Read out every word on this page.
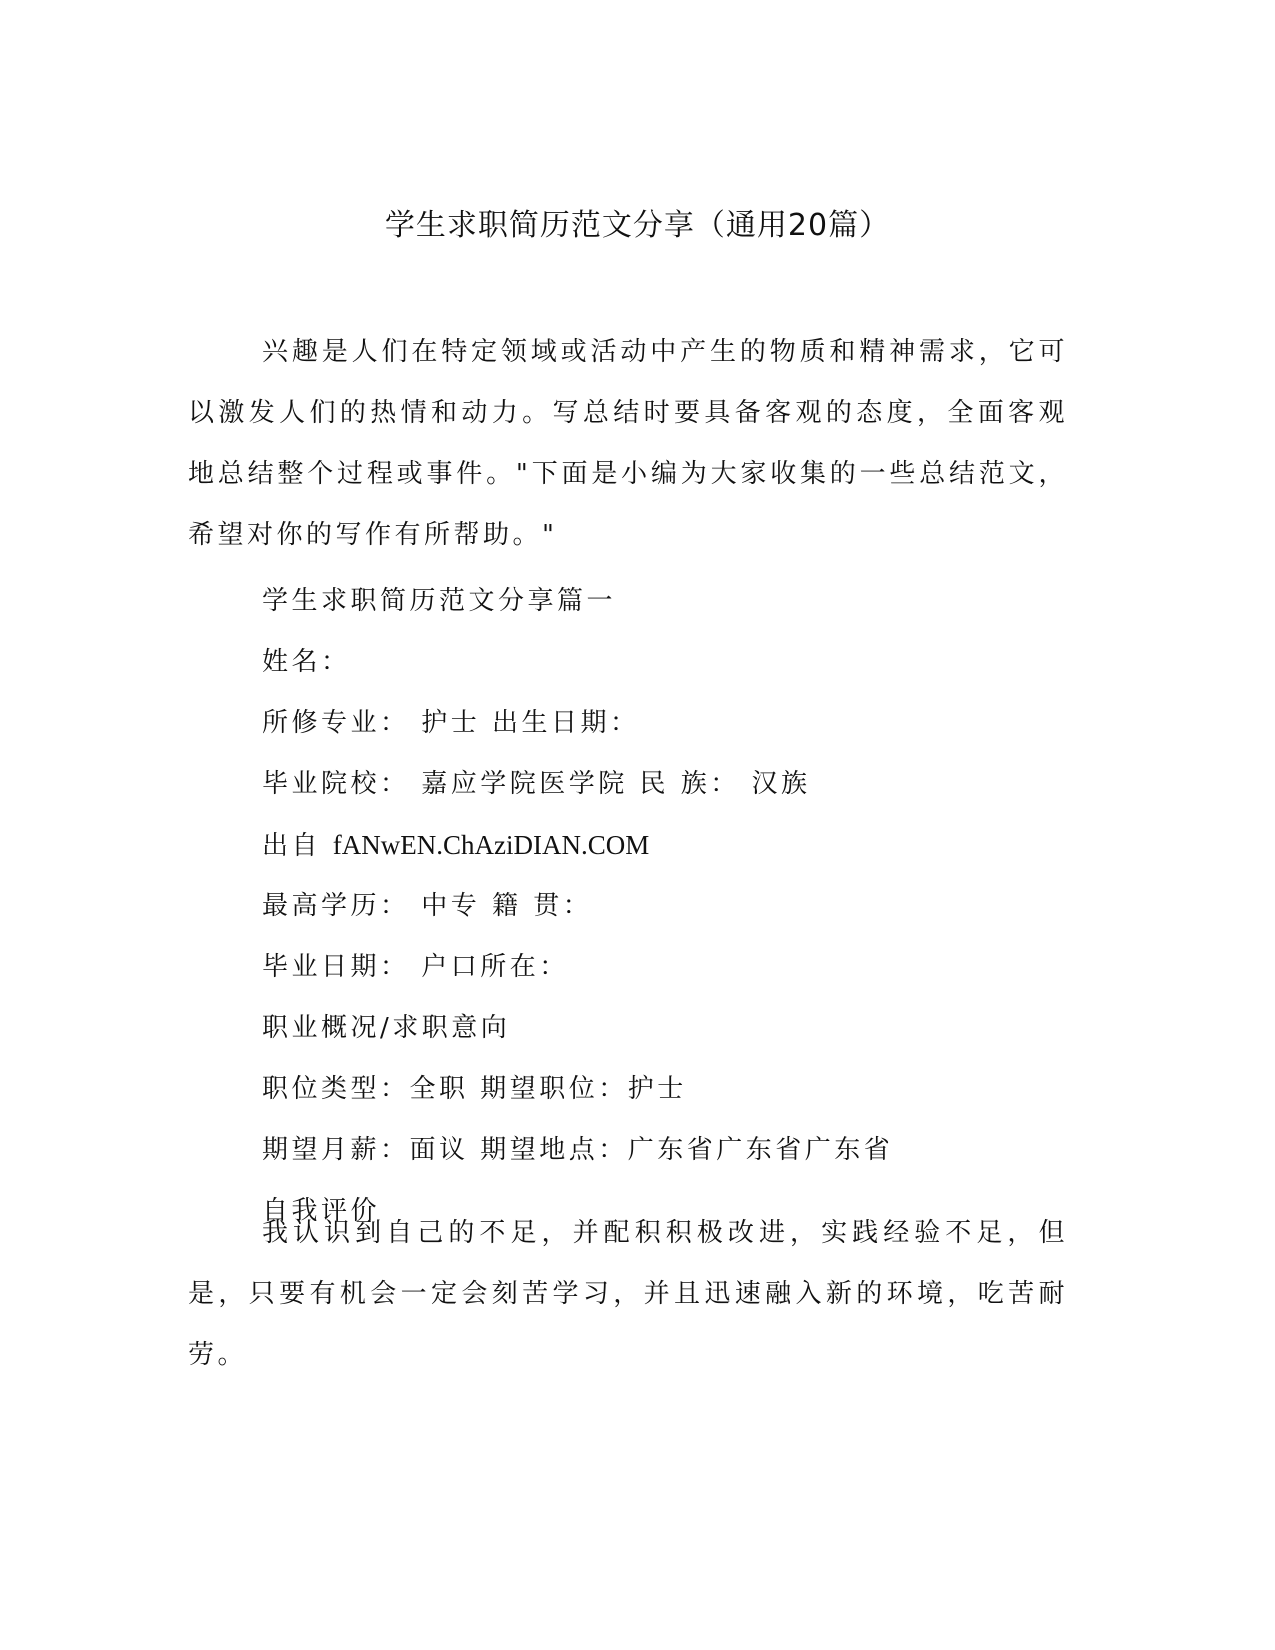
学生求职简历范文分享（通用20篇）

兴趣是人们在特定领域或活动中产生的物质和精神需求，它可以激发人们的热情和动力。写总结时要具备客观的态度，全面客观地总结整个过程或事件。"下面是小编为大家收集的一些总结范文，希望对你的写作有所帮助。"

学生求职简历范文分享篇一
姓名：
所修专业： 护士 出生日期：
毕业院校： 嘉应学院医学院 民 族： 汉族
出自 fANwEN.ChAziDIAN.COM
最高学历： 中专 籍 贯：
毕业日期： 户口所在：
职业概况/求职意向
职位类型：全职 期望职位：护士
期望月薪：面议 期望地点：广东省广东省广东省
自我评价

我认识到自己的不足，并配积积极改进，实践经验不足，但是，只要有机会一定会刻苦学习，并且迅速融入新的环境，吃苦耐劳。
